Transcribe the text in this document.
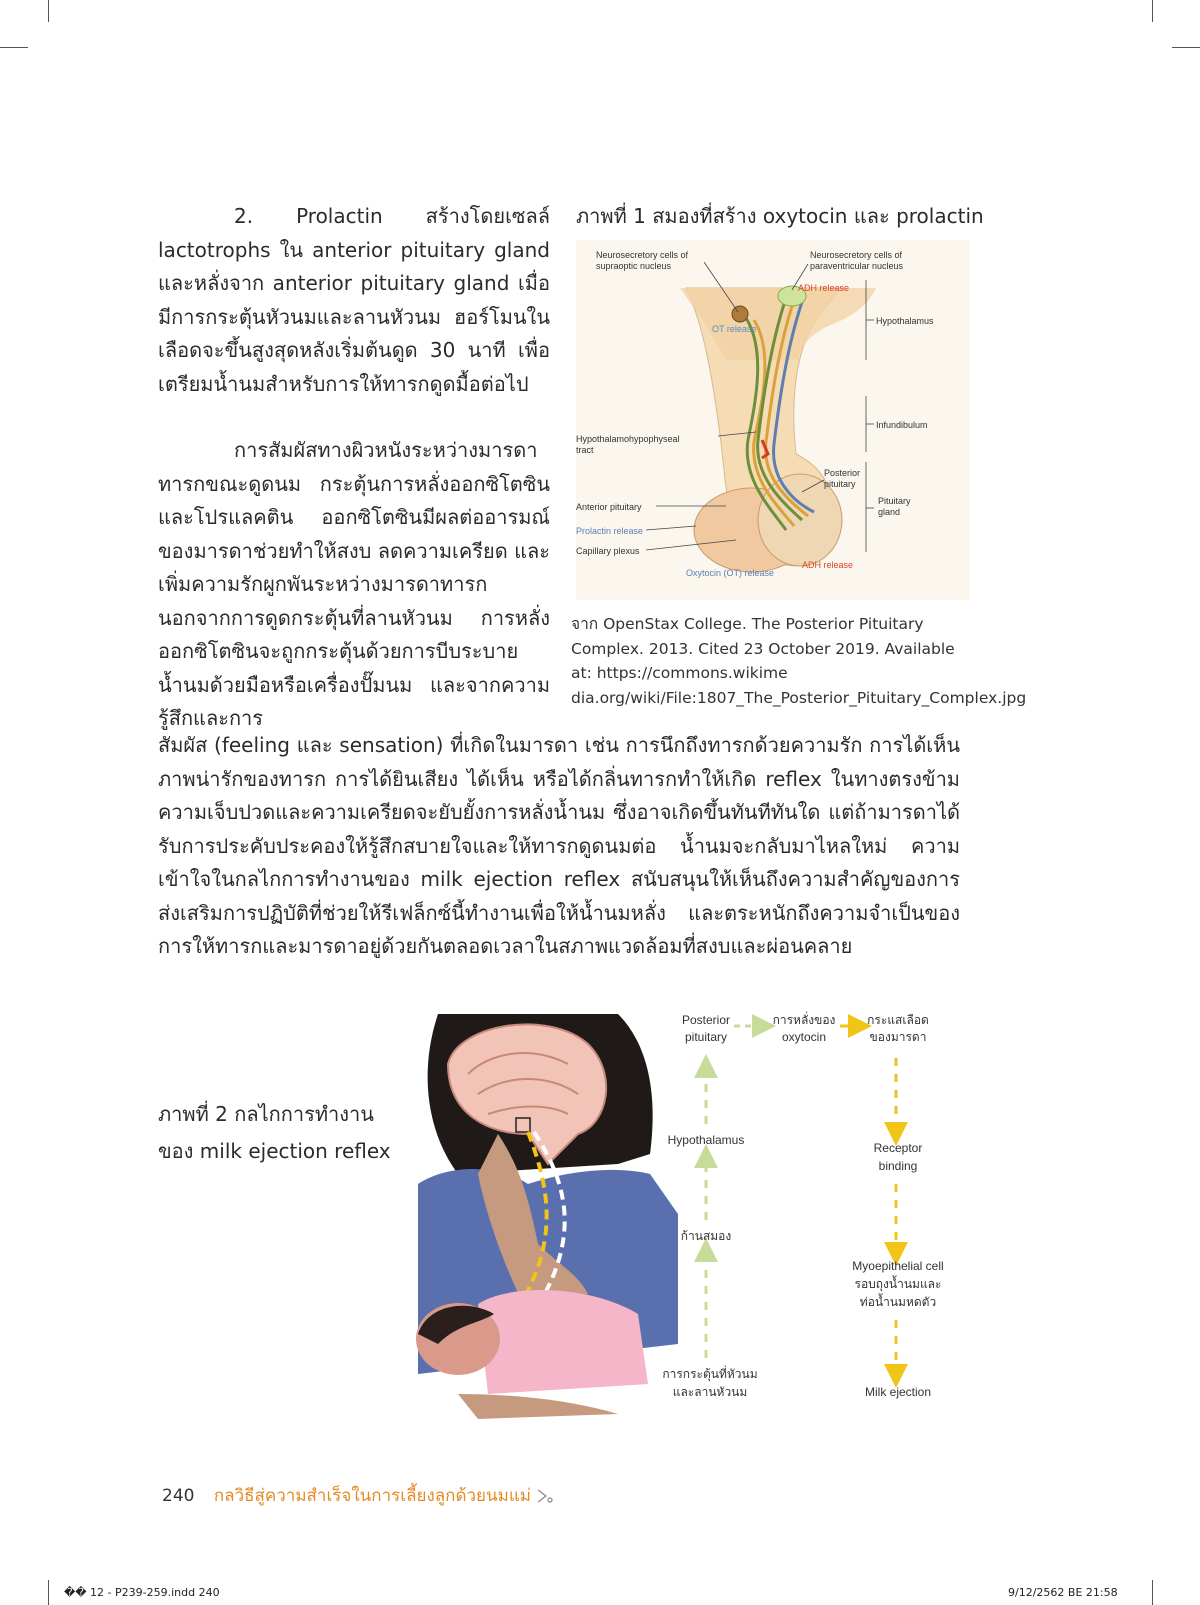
2. Prolactin สร้างโดยเซลล์ lactotrophs ใน anterior pituitary gland และหลั่งจาก anterior pituitary gland เมื่อมีการกระตุ้นหัวนมและลานหัวนม ฮอร์โมนในเลือดจะขึ้นสูงสุดหลังเริ่มต้นดูด 30 นาที เพื่อเตรียมน้ำนมสำหรับการให้ทารกดูดมื้อต่อไป

การสัมผัสทางผิวหนังระหว่างมารดาทารกขณะดูดนม กระตุ้นการหลั่งออกซิโตซินและโปรแลคติน ออกซิโตซินมีผลต่ออารมณ์ของมารดาช่วยทำให้สงบ ลดความเครียด และเพิ่มความรักผูกพันระหว่างมารดาทารก นอกจากการดูดกระตุ้นที่ลานหัวนม การหลั่งออกซิโตซินจะถูกกระตุ้นด้วยการบีบระบายน้ำนมด้วยมือหรือเครื่องปั๊มนม และจากความรู้สึกและการ

สัมผัส (feeling และ sensation) ที่เกิดในมารดา เช่น การนึกถึงทารกด้วยความรัก การได้เห็นภาพน่ารักของทารก การได้ยินเสียง ได้เห็น หรือได้กลิ่นทารกทำให้เกิด reflex ในทางตรงข้าม ความเจ็บปวดและความเครียดจะยับยั้งการหลั่งน้ำนม ซึ่งอาจเกิดขึ้นทันทีทันใด แต่ถ้ามารดาได้รับการประคับประคองให้รู้สึกสบายใจและให้ทารกดูดนมต่อ น้ำนมจะกลับมาไหลใหม่ ความเข้าใจในกลไกการทำงานของ milk ejection reflex สนับสนุนให้เห็นถึงความสำคัญของการส่งเสริมการปฏิบัติที่ช่วยให้รีเฟล็กซ์นี้ทำงานเพื่อให้น้ำนมหลั่ง และตระหนักถึงความจำเป็นของการให้ทารกและมารดาอยู่ด้วยกันตลอดเวลาในสภาพแวดล้อมที่สงบและผ่อนคลาย

ภาพที่ 1 สมองที่สร้าง oxytocin และ prolactin
Neurosecretory cells of supraoptic nucleus
Neurosecretory cells of paraventricular nucleus
ADH release
OT release
Hypothalamus
Infundibulum
Hypothalamohypophyseal tract
Posterior pituitary
Pituitary gland
Anterior pituitary
Prolactin release
Capillary plexus
ADH release
Oxytocin (OT) release

จาก OpenStax College. The Posterior Pituitary Complex. 2013. Cited 23 October 2019. Available at: https://commons.wikime dia.org/wiki/File:1807_The_Posterior_Pituitary_Complex.jpg

ภาพที่ 2 กลไกการทำงานของ milk ejection reflex

การกระตุ้นที่หัวนมและลานหัวนม
ก้านสมอง
Hypothalamus
Posterior pituitary
การหลั่งของ oxytocin
กระแสเลือดของมารดา
Receptor binding
Myoepithelial cell รอบถุงน้ำนมและท่อน้ำนมหดตัว
Milk ejection
240 กลวิธีสู่ความสำเร็จในการเลี้ยงลูกด้วยนมแม่
�� 12 - P239-259.indd 240	9/12/2562 BE 21:58
